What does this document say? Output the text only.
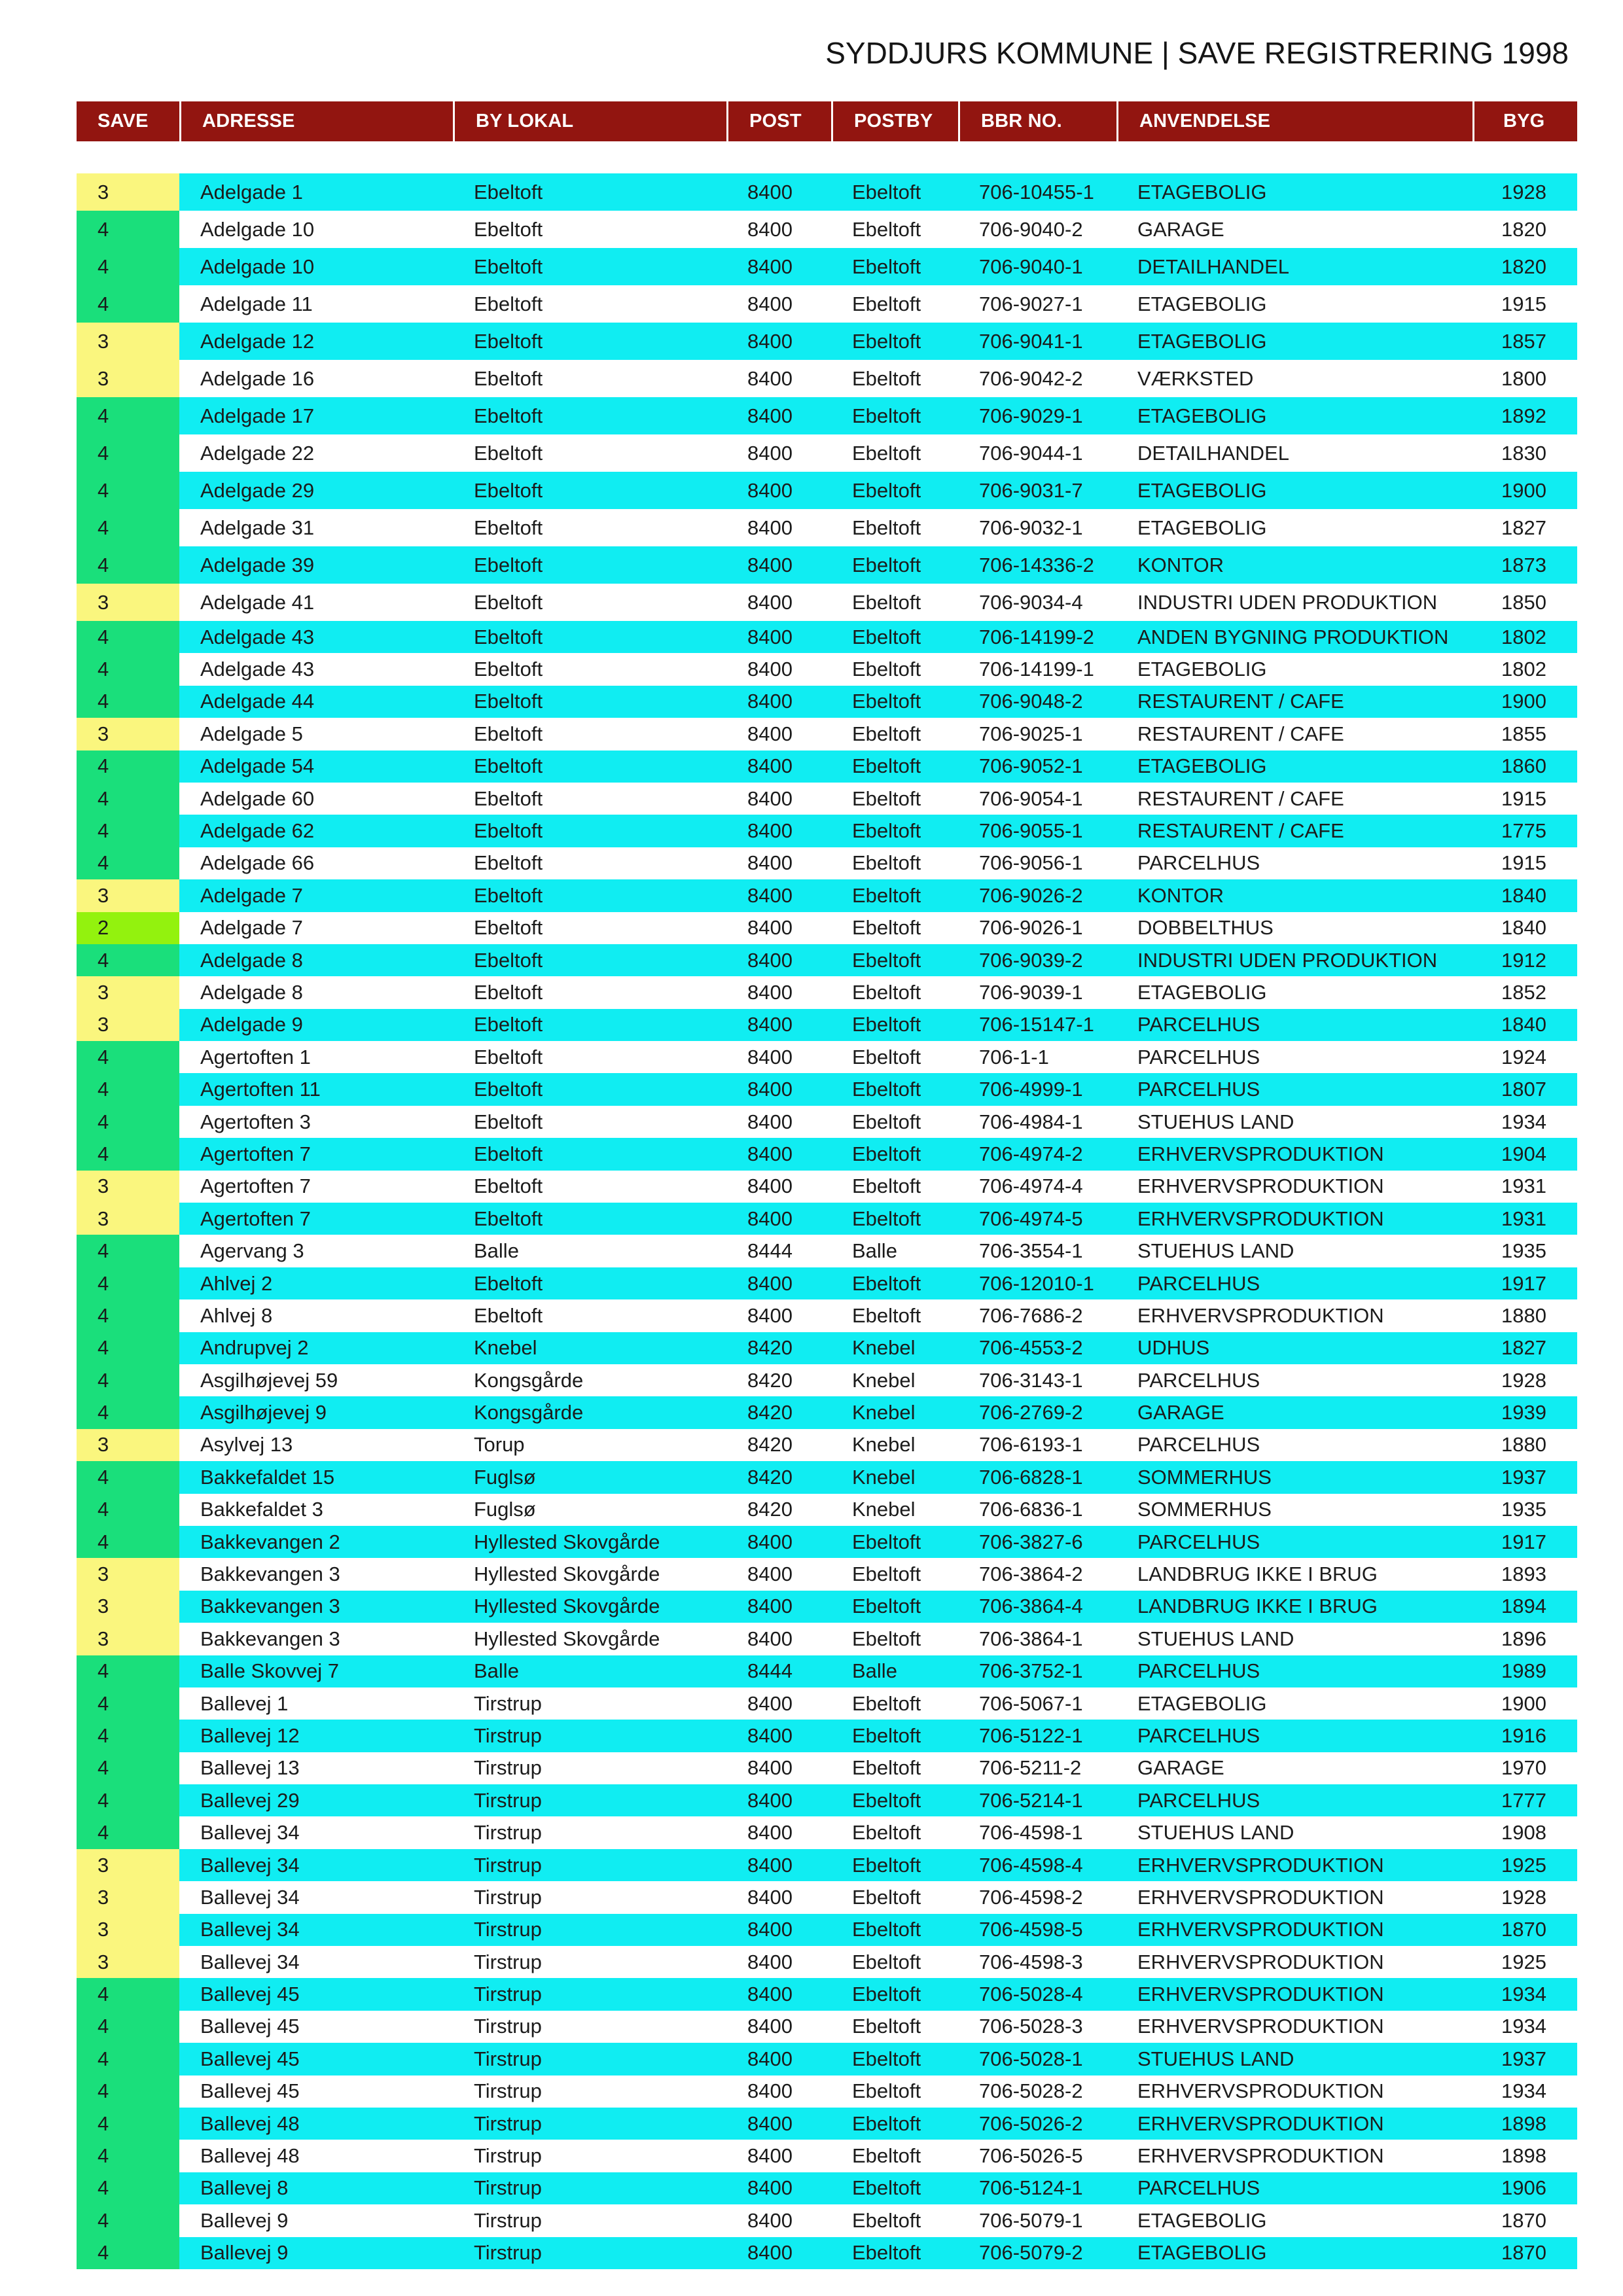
SYDDJURS KOMMUNE | SAVE REGISTRERING 1998
SAVE	ADRESSE	BY LOKAL	POST	POSTBY	BBR NO.	ANVENDELSE	BYG
3	Adelgade 1	Ebeltoft	8400	Ebeltoft	706-10455-1	ETAGEBOLIG	1928
4	Adelgade 10	Ebeltoft	8400	Ebeltoft	706-9040-2	GARAGE	1820
4	Adelgade 10	Ebeltoft	8400	Ebeltoft	706-9040-1	DETAILHANDEL	1820
4	Adelgade 11	Ebeltoft	8400	Ebeltoft	706-9027-1	ETAGEBOLIG	1915
3	Adelgade 12	Ebeltoft	8400	Ebeltoft	706-9041-1	ETAGEBOLIG	1857
3	Adelgade 16	Ebeltoft	8400	Ebeltoft	706-9042-2	VÆRKSTED	1800
4	Adelgade 17	Ebeltoft	8400	Ebeltoft	706-9029-1	ETAGEBOLIG	1892
4	Adelgade 22	Ebeltoft	8400	Ebeltoft	706-9044-1	DETAILHANDEL	1830
4	Adelgade 29	Ebeltoft	8400	Ebeltoft	706-9031-7	ETAGEBOLIG	1900
4	Adelgade 31	Ebeltoft	8400	Ebeltoft	706-9032-1	ETAGEBOLIG	1827
4	Adelgade 39	Ebeltoft	8400	Ebeltoft	706-14336-2	KONTOR	1873
3	Adelgade 41	Ebeltoft	8400	Ebeltoft	706-9034-4	INDUSTRI UDEN PRODUKTION	1850
4	Adelgade 43	Ebeltoft	8400	Ebeltoft	706-14199-2	ANDEN BYGNING PRODUKTION	1802
4	Adelgade 43	Ebeltoft	8400	Ebeltoft	706-14199-1	ETAGEBOLIG	1802
4	Adelgade 44	Ebeltoft	8400	Ebeltoft	706-9048-2	RESTAURENT / CAFE	1900
3	Adelgade 5	Ebeltoft	8400	Ebeltoft	706-9025-1	RESTAURENT / CAFE	1855
4	Adelgade 54	Ebeltoft	8400	Ebeltoft	706-9052-1	ETAGEBOLIG	1860
4	Adelgade 60	Ebeltoft	8400	Ebeltoft	706-9054-1	RESTAURENT / CAFE	1915
4	Adelgade 62	Ebeltoft	8400	Ebeltoft	706-9055-1	RESTAURENT / CAFE	1775
4	Adelgade 66	Ebeltoft	8400	Ebeltoft	706-9056-1	PARCELHUS	1915
3	Adelgade 7	Ebeltoft	8400	Ebeltoft	706-9026-2	KONTOR	1840
2	Adelgade 7	Ebeltoft	8400	Ebeltoft	706-9026-1	DOBBELTHUS	1840
4	Adelgade 8	Ebeltoft	8400	Ebeltoft	706-9039-2	INDUSTRI UDEN PRODUKTION	1912
3	Adelgade 8	Ebeltoft	8400	Ebeltoft	706-9039-1	ETAGEBOLIG	1852
3	Adelgade 9	Ebeltoft	8400	Ebeltoft	706-15147-1	PARCELHUS	1840
4	Agertoften 1	Ebeltoft	8400	Ebeltoft	706-1-1	PARCELHUS	1924
4	Agertoften 11	Ebeltoft	8400	Ebeltoft	706-4999-1	PARCELHUS	1807
4	Agertoften 3	Ebeltoft	8400	Ebeltoft	706-4984-1	STUEHUS LAND	1934
4	Agertoften 7	Ebeltoft	8400	Ebeltoft	706-4974-2	ERHVERVSPRODUKTION	1904
3	Agertoften 7	Ebeltoft	8400	Ebeltoft	706-4974-4	ERHVERVSPRODUKTION	1931
3	Agertoften 7	Ebeltoft	8400	Ebeltoft	706-4974-5	ERHVERVSPRODUKTION	1931
4	Agervang 3	Balle	8444	Balle	706-3554-1	STUEHUS LAND	1935
4	Ahlvej 2	Ebeltoft	8400	Ebeltoft	706-12010-1	PARCELHUS	1917
4	Ahlvej 8	Ebeltoft	8400	Ebeltoft	706-7686-2	ERHVERVSPRODUKTION	1880
4	Andrupvej 2	Knebel	8420	Knebel	706-4553-2	UDHUS	1827
4	Asgilhøjevej 59	Kongsgårde	8420	Knebel	706-3143-1	PARCELHUS	1928
4	Asgilhøjevej 9	Kongsgårde	8420	Knebel	706-2769-2	GARAGE	1939
3	Asylvej 13	Torup	8420	Knebel	706-6193-1	PARCELHUS	1880
4	Bakkefaldet 15	Fuglsø	8420	Knebel	706-6828-1	SOMMERHUS	1937
4	Bakkefaldet 3	Fuglsø	8420	Knebel	706-6836-1	SOMMERHUS	1935
4	Bakkevangen 2	Hyllested Skovgårde	8400	Ebeltoft	706-3827-6	PARCELHUS	1917
3	Bakkevangen 3	Hyllested Skovgårde	8400	Ebeltoft	706-3864-2	LANDBRUG IKKE I BRUG	1893
3	Bakkevangen 3	Hyllested Skovgårde	8400	Ebeltoft	706-3864-4	LANDBRUG IKKE I BRUG	1894
3	Bakkevangen 3	Hyllested Skovgårde	8400	Ebeltoft	706-3864-1	STUEHUS LAND	1896
4	Balle Skovvej 7	Balle	8444	Balle	706-3752-1	PARCELHUS	1989
4	Ballevej 1	Tirstrup	8400	Ebeltoft	706-5067-1	ETAGEBOLIG	1900
4	Ballevej 12	Tirstrup	8400	Ebeltoft	706-5122-1	PARCELHUS	1916
4	Ballevej 13	Tirstrup	8400	Ebeltoft	706-5211-2	GARAGE	1970
4	Ballevej 29	Tirstrup	8400	Ebeltoft	706-5214-1	PARCELHUS	1777
4	Ballevej 34	Tirstrup	8400	Ebeltoft	706-4598-1	STUEHUS LAND	1908
3	Ballevej 34	Tirstrup	8400	Ebeltoft	706-4598-4	ERHVERVSPRODUKTION	1925
3	Ballevej 34	Tirstrup	8400	Ebeltoft	706-4598-2	ERHVERVSPRODUKTION	1928
3	Ballevej 34	Tirstrup	8400	Ebeltoft	706-4598-5	ERHVERVSPRODUKTION	1870
3	Ballevej 34	Tirstrup	8400	Ebeltoft	706-4598-3	ERHVERVSPRODUKTION	1925
4	Ballevej 45	Tirstrup	8400	Ebeltoft	706-5028-4	ERHVERVSPRODUKTION	1934
4	Ballevej 45	Tirstrup	8400	Ebeltoft	706-5028-3	ERHVERVSPRODUKTION	1934
4	Ballevej 45	Tirstrup	8400	Ebeltoft	706-5028-1	STUEHUS LAND	1937
4	Ballevej 45	Tirstrup	8400	Ebeltoft	706-5028-2	ERHVERVSPRODUKTION	1934
4	Ballevej 48	Tirstrup	8400	Ebeltoft	706-5026-2	ERHVERVSPRODUKTION	1898
4	Ballevej 48	Tirstrup	8400	Ebeltoft	706-5026-5	ERHVERVSPRODUKTION	1898
4	Ballevej 8	Tirstrup	8400	Ebeltoft	706-5124-1	PARCELHUS	1906
4	Ballevej 9	Tirstrup	8400	Ebeltoft	706-5079-1	ETAGEBOLIG	1870
4	Ballevej 9	Tirstrup	8400	Ebeltoft	706-5079-2	ETAGEBOLIG	1870
